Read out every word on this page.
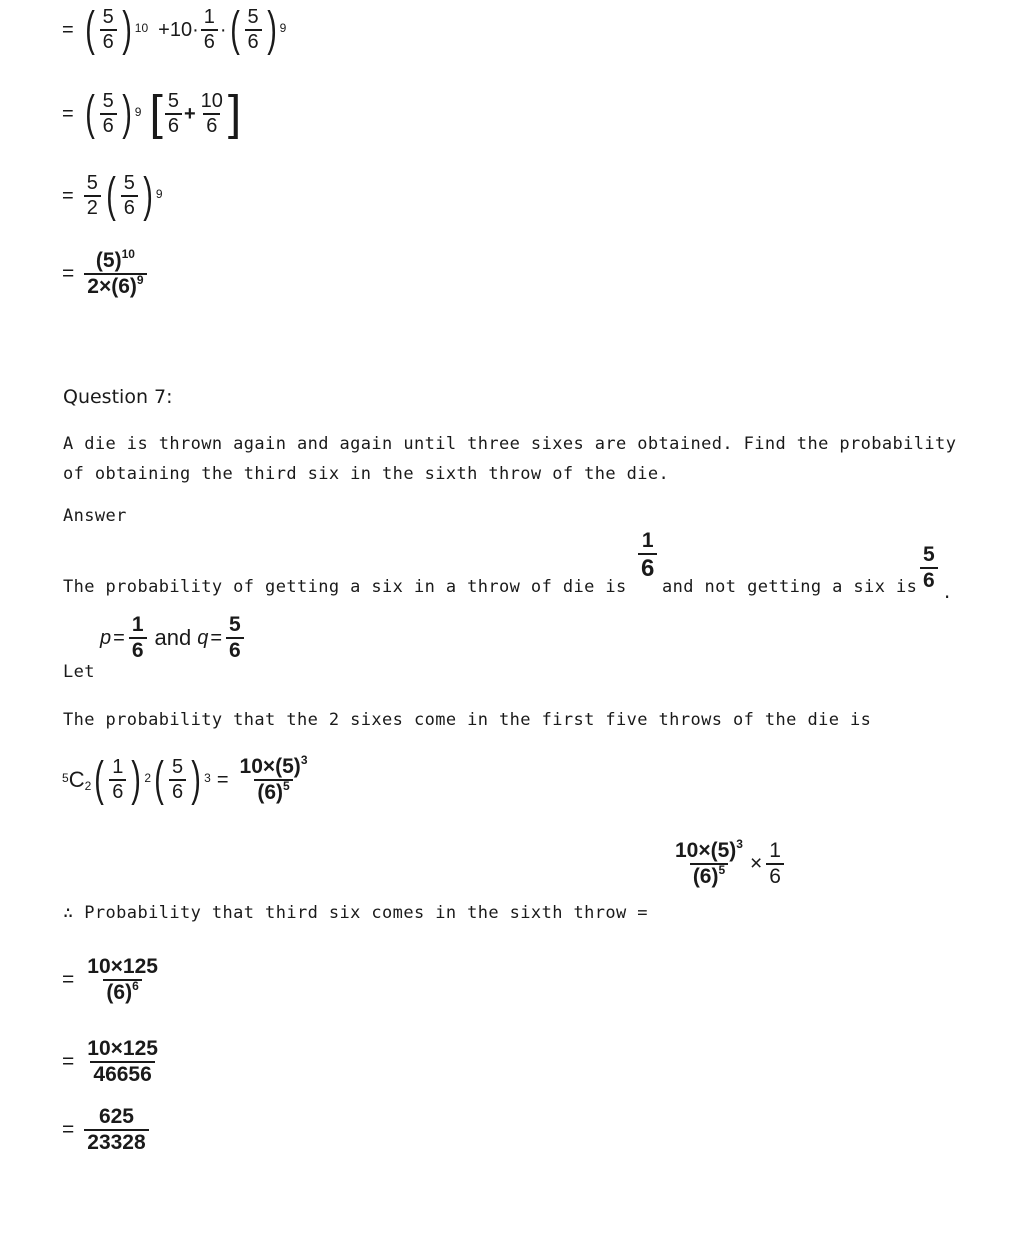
= ( $\frac{5}{6}$ ) $10 +10\cdot \frac{1}{6}$ · ( $\frac{5}{6}$ ) 9
= ( $\frac{5}{6}$ ) 9 [ $\frac{5}{6} + \frac{10}{6}$ ]
= $\frac{5}{2}$ ( $\frac{5}{6}$ ) 9
= $\frac{(5)^{10}}{2\times(6)^9}$
Question 7:
A die is thrown again and again until three sixes are obtained. Find the probability
of obtaining the third six in the sixth throw of the die.
Answer
The probability of getting a six in a throw of die is
$\frac{1}{6}$
and not getting a six is $\frac{5}{6}$
.
$p = \frac{1}{6}$ and $q = \frac{5}{6}$
Let
The probability that the 2 sixes come in the first five throws of the die is
5 C 2 ( $\frac{1}{6}$ ) 2 ( $\frac{5}{6}$ ) $3 = \frac{10\times(5)^3}{(6)^5}$
∴ Probability that third six comes in the sixth throw =
$\frac{10\times(5)^3}{(6)^5} \times \frac{1}{6}$
= $\frac{10\times 125}{(6)^6}$
= $\frac{10\times 125}{46656}$
= $\frac{625}{23328}$
